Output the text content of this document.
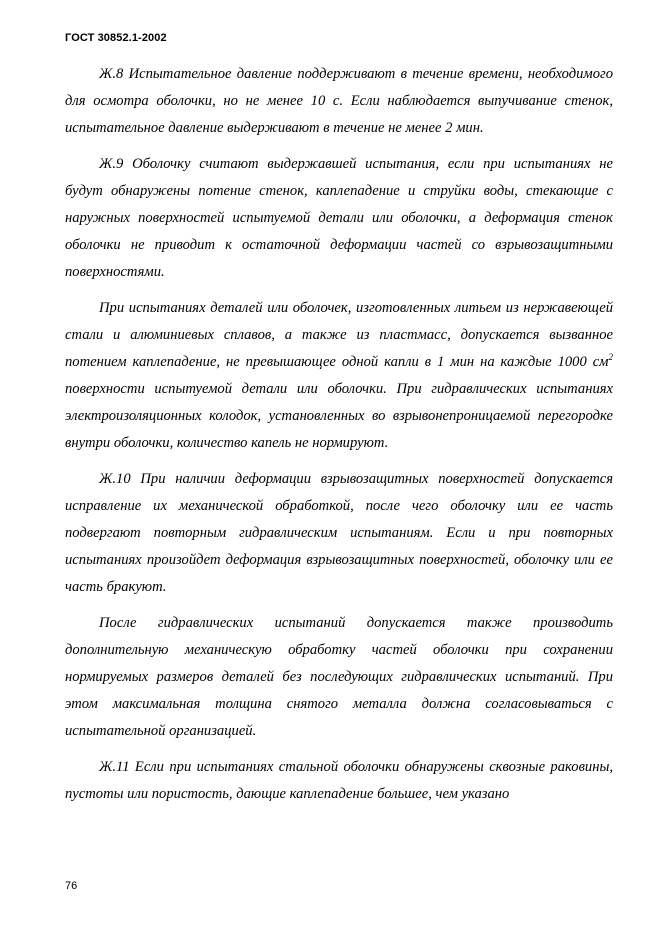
ГОСТ 30852.1-2002

Ж.8 Испытательное давление поддерживают в течение времени, необходимого для осмотра оболочки, но не менее 10 с. Если наблюдается выпучивание стенок, испытательное давление выдерживают в течение не менее 2 мин.

Ж.9 Оболочку считают выдержавшей испытания, если при испытаниях не будут обнаружены потение стенок, каплепадение и струйки воды, стекающие с наружных поверхностей испытуемой детали или оболочки, а деформация стенок оболочки не приводит к остаточной деформации частей со взрывозащитными поверхностями.

При испытаниях деталей или оболочек, изготовленных литьем из нержавеющей стали и алюминиевых сплавов, а также из пластмасс, допускается вызванное потением каплепадение, не превышающее одной капли в 1 мин на каждые 1000 $см^2$ поверхности испытуемой детали или оболочки. При гидравлических испытаниях электроизоляционных колодок, установленных во взрывонепроницаемой перегородке внутри оболочки, количество капель не нормируют.

Ж.10 При наличии деформации взрывозащитных поверхностей допускается исправление их механической обработкой, после чего оболочку или ее часть подвергают повторным гидравлическим испытаниям. Если и при повторных испытаниях произойдет деформация взрывозащитных поверхностей, оболочку или ее часть бракуют.

После гидравлических испытаний допускается также производить дополнительную механическую обработку частей оболочки при сохранении нормируемых размеров деталей без последующих гидравлических испытаний. При этом максимальная толщина снятого металла должна согласовываться с испытательной организацией.

Ж.11 Если при испытаниях стальной оболочки обнаружены сквозные раковины, пустоты или пористость, дающие каплепадение большее, чем указано

76
